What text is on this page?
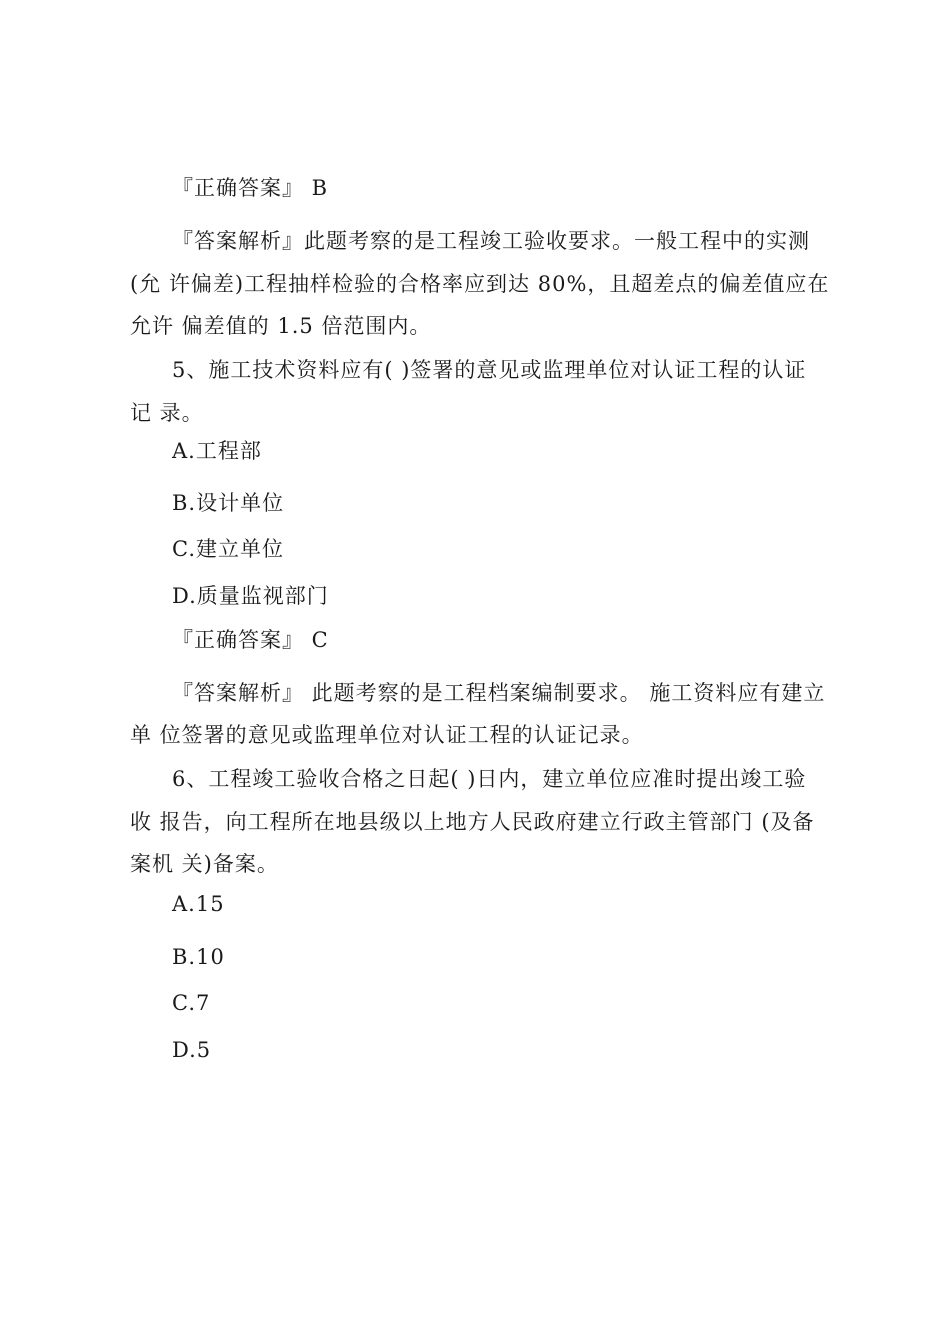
『正确答案』 B
『答案解析』此题考察的是工程竣工验收要求。一般工程中的实测
(允 许偏差)工程抽样检验的合格率应到达 80%，且超差点的偏差值应在
允许 偏差值的 1.5 倍范围内。
5、施工技术资料应有( )签署的意见或监理单位对认证工程的认证
记 录。
A.工程部
B.设计单位
C.建立单位
D.质量监视部门
『正确答案』 C
『答案解析』 此题考察的是工程档案编制要求。 施工资料应有建立
单 位签署的意见或监理单位对认证工程的认证记录。
6、工程竣工验收合格之日起( )日内，建立单位应准时提出竣工验
收 报告，向工程所在地县级以上地方人民政府建立行政主管部门 (及备
案机 关)备案。
A.15
B.10
C.7
D.5
